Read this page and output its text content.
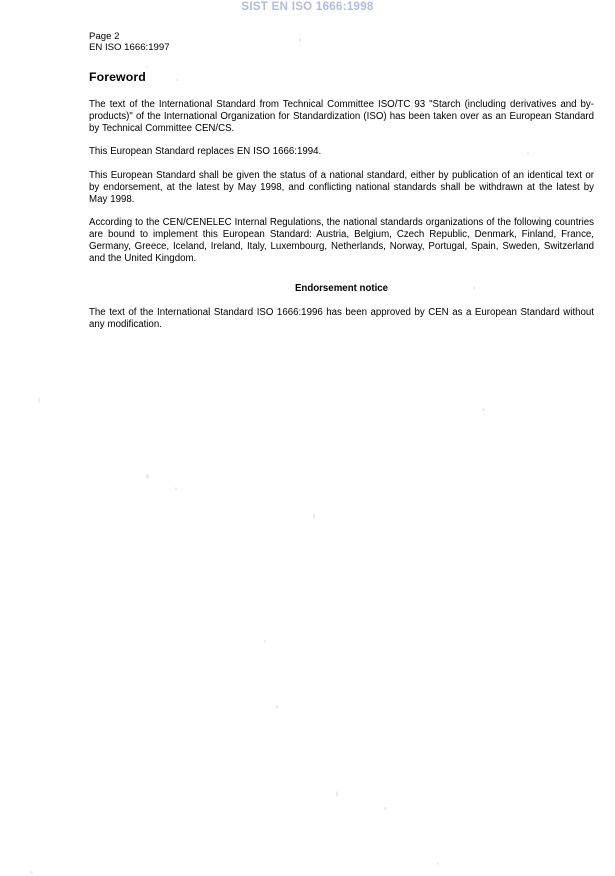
SIST EN ISO 1666:1998
Page 2
EN ISO 1666:1997
Foreword

The text of the International Standard from Technical Committee ISO/TC 93 "Starch (including derivatives and by-products)" of the International Organization for Standardization (ISO) has been taken over as an European Standard by Technical Committee CEN/CS.

This European Standard replaces EN ISO 1666:1994.

This European Standard shall be given the status of a national standard, either by publication of an identical text or by endorsement, at the latest by May 1998, and conflicting national standards shall be withdrawn at the latest by May 1998.

According to the CEN/CENELEC Internal Regulations, the national standards organizations of the following countries are bound to implement this European Standard: Austria, Belgium, Czech Republic, Denmark, Finland, France, Germany, Greece, Iceland, Ireland, Italy, Luxembourg, Netherlands, Norway, Portugal, Spain, Sweden, Switzerland and the United Kingdom.

Endorsement notice

The text of the International Standard ISO 1666:1996 has been approved by CEN as a European Standard without any modification.
